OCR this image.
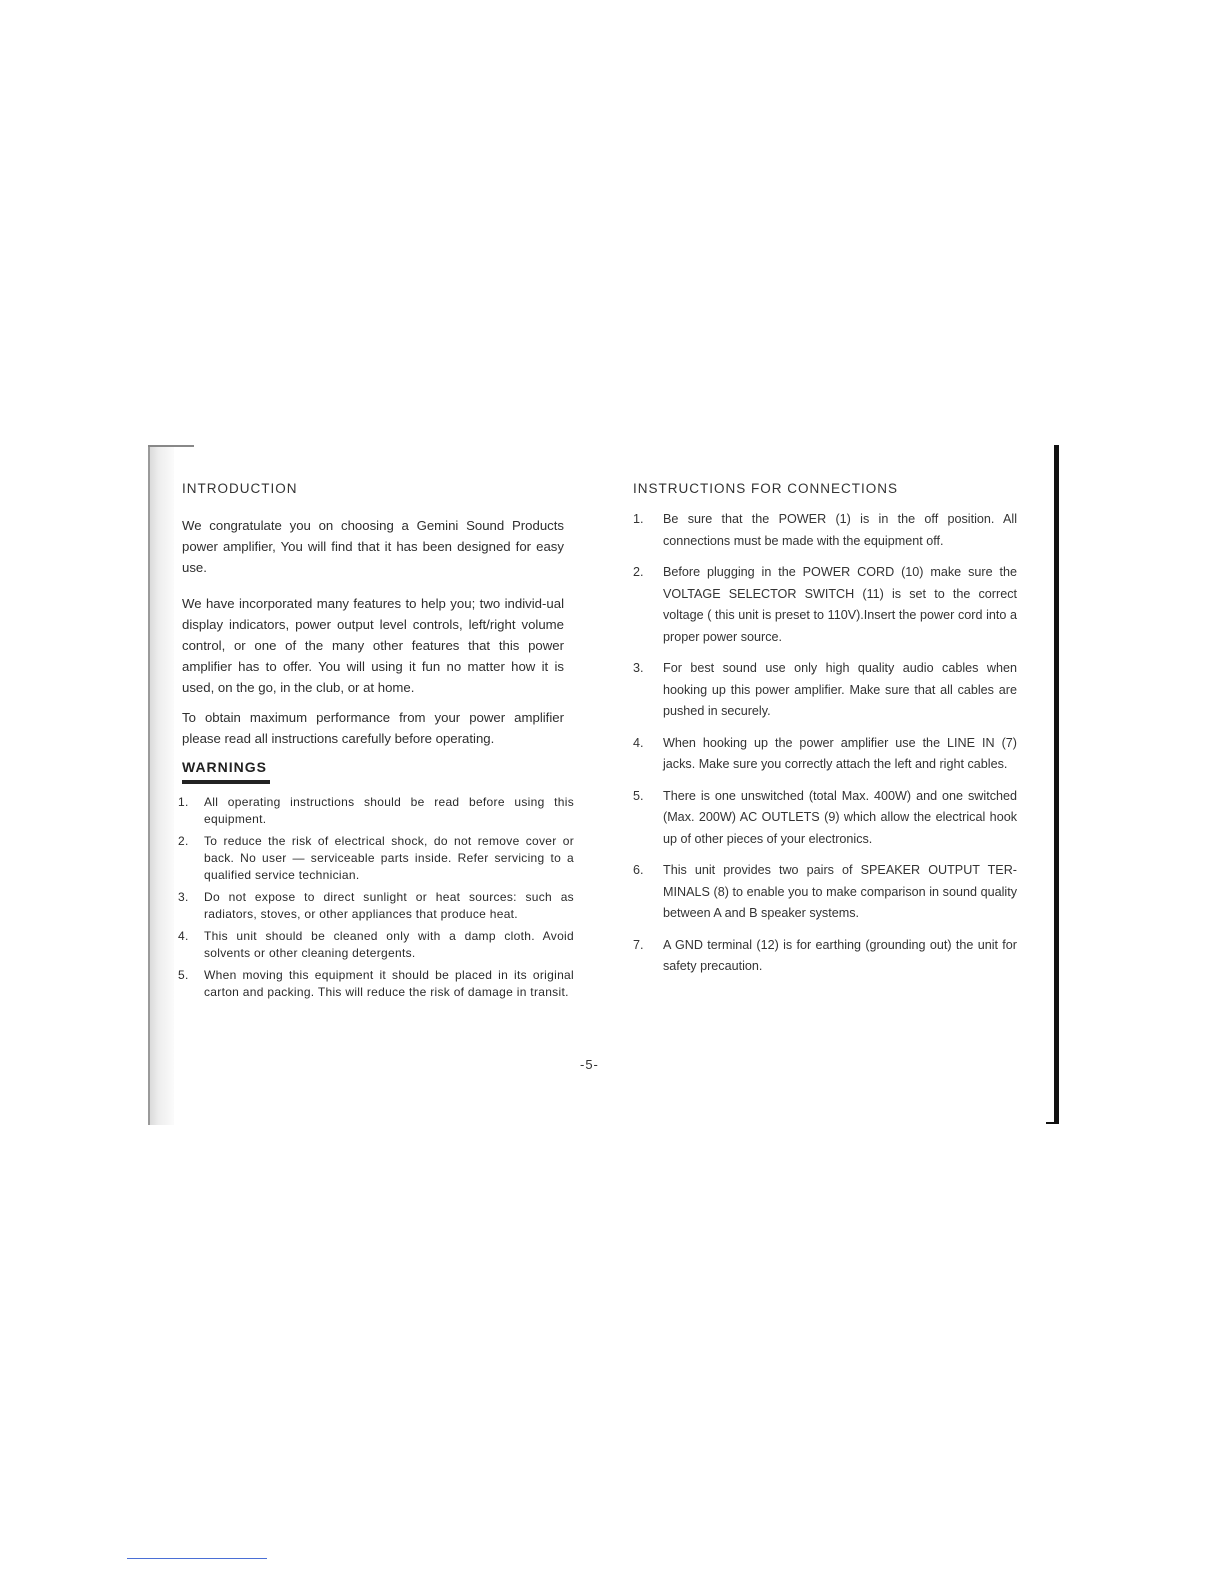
INTRODUCTION

We congratulate you on choosing a Gemini Sound Products power amplifier, You will find that it has been designed for easy use.

We have incorporated many features to help you; two individ-ual display indicators, power output level controls, left/right volume control, or one of the many other features that this power amplifier has to offer. You will using it fun no matter how it is used, on the go, in the club, or at home.

To obtain maximum performance from your power amplifier please read all instructions carefully before operating.

WARNINGS
1. All operating instructions should be read before using this equipment.
2. To reduce the risk of electrical shock, do not remove cover or back. No user — serviceable parts inside. Refer servicing to a qualified service technician.
3. Do not expose to direct sunlight or heat sources: such as radiators, stoves, or other appliances that produce heat.
4. This unit should be cleaned only with a damp cloth. Avoid solvents or other cleaning detergents.
5. When moving this equipment it should be placed in its original carton and packing. This will reduce the risk of damage in transit.
INSTRUCTIONS FOR CONNECTIONS
1. Be sure that the POWER (1) is in the off position. All connections must be made with the equipment off.
2. Before plugging in the POWER CORD (10) make sure the VOLTAGE SELECTOR SWITCH (11) is set to the correct voltage ( this unit is preset to 110V).Insert the power cord into a proper power source.
3. For best sound use only high quality audio cables when hooking up this power amplifier. Make sure that all cables are pushed in securely.
4. When hooking up the power amplifier use the LINE IN (7) jacks. Make sure you correctly attach the left and right cables.
5. There is one unswitched (total Max. 400W) and one switched (Max. 200W) AC OUTLETS (9) which allow the electrical hook up of other pieces of your electronics.
6. This unit provides two pairs of SPEAKER OUTPUT TER-MINALS (8) to enable you to make comparison in sound quality between A and B speaker systems.
7. A GND terminal (12) is for earthing (grounding out) the unit for safety precaution.
-5-
